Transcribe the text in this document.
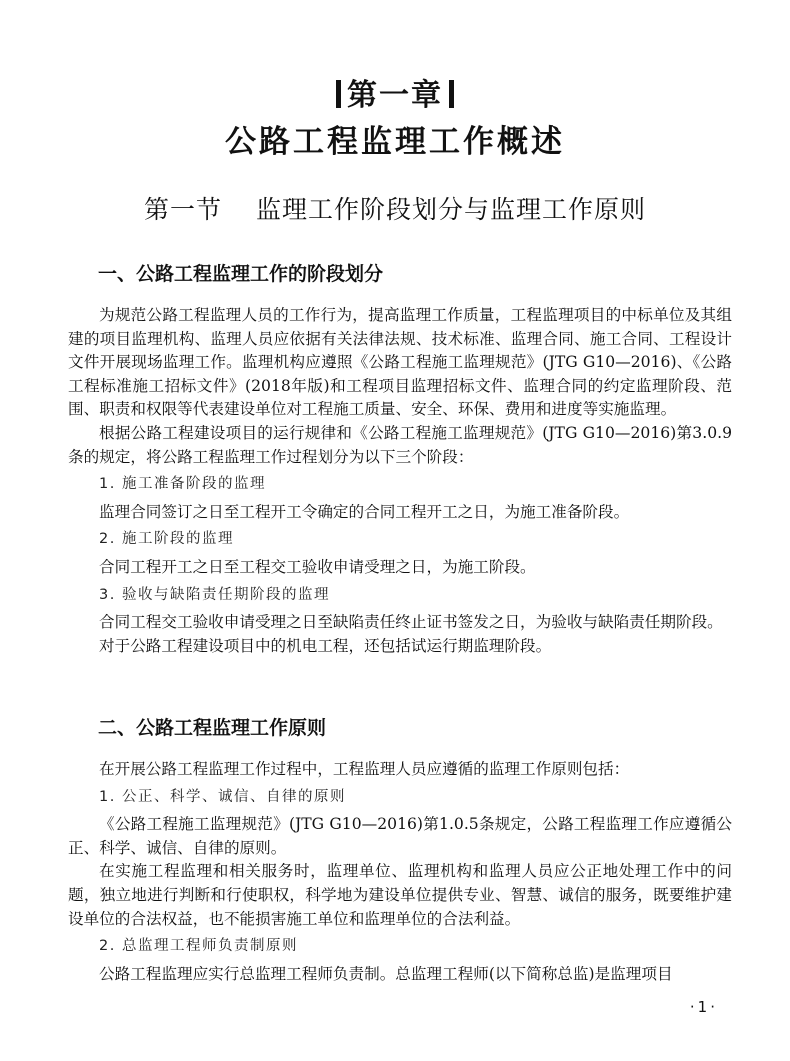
第一章
公路工程监理工作概述
第一节 监理工作阶段划分与监理工作原则
一、公路工程监理工作的阶段划分

为规范公路工程监理人员的工作行为，提高监理工作质量，工程监理项目的中标单位及其组建的项目监理机构、监理人员应依据有关法律法规、技术标准、监理合同、施工合同、工程设计文件开展现场监理工作。监理机构应遵照《公路工程施工监理规范》(JTG G10—2016)、《公路工程标准施工招标文件》(2018年版)和工程项目监理招标文件、监理合同的约定监理阶段、范围、职责和权限等代表建设单位对工程施工质量、安全、环保、费用和进度等实施监理。

根据公路工程建设项目的运行规律和《公路工程施工监理规范》(JTG G10—2016)第3.0.9条的规定，将公路工程监理工作过程划分为以下三个阶段：

1. 施工准备阶段的监理

监理合同签订之日至工程开工令确定的合同工程开工之日，为施工准备阶段。

2. 施工阶段的监理

合同工程开工之日至工程交工验收申请受理之日，为施工阶段。

3. 验收与缺陷责任期阶段的监理

合同工程交工验收申请受理之日至缺陷责任终止证书签发之日，为验收与缺陷责任期阶段。

对于公路工程建设项目中的机电工程，还包括试运行期监理阶段。

二、公路工程监理工作原则

在开展公路工程监理工作过程中，工程监理人员应遵循的监理工作原则包括：

1. 公正、科学、诚信、自律的原则

《公路工程施工监理规范》(JTG G10—2016)第1.0.5条规定，公路工程监理工作应遵循公正、科学、诚信、自律的原则。

在实施工程监理和相关服务时，监理单位、监理机构和监理人员应公正地处理工作中的问题，独立地进行判断和行使职权，科学地为建设单位提供专业、智慧、诚信的服务，既要维护建设单位的合法权益，也不能损害施工单位和监理单位的合法利益。

2. 总监理工程师负责制原则

公路工程监理应实行总监理工程师负责制。总监理工程师(以下简称总监)是监理项目

·1·
